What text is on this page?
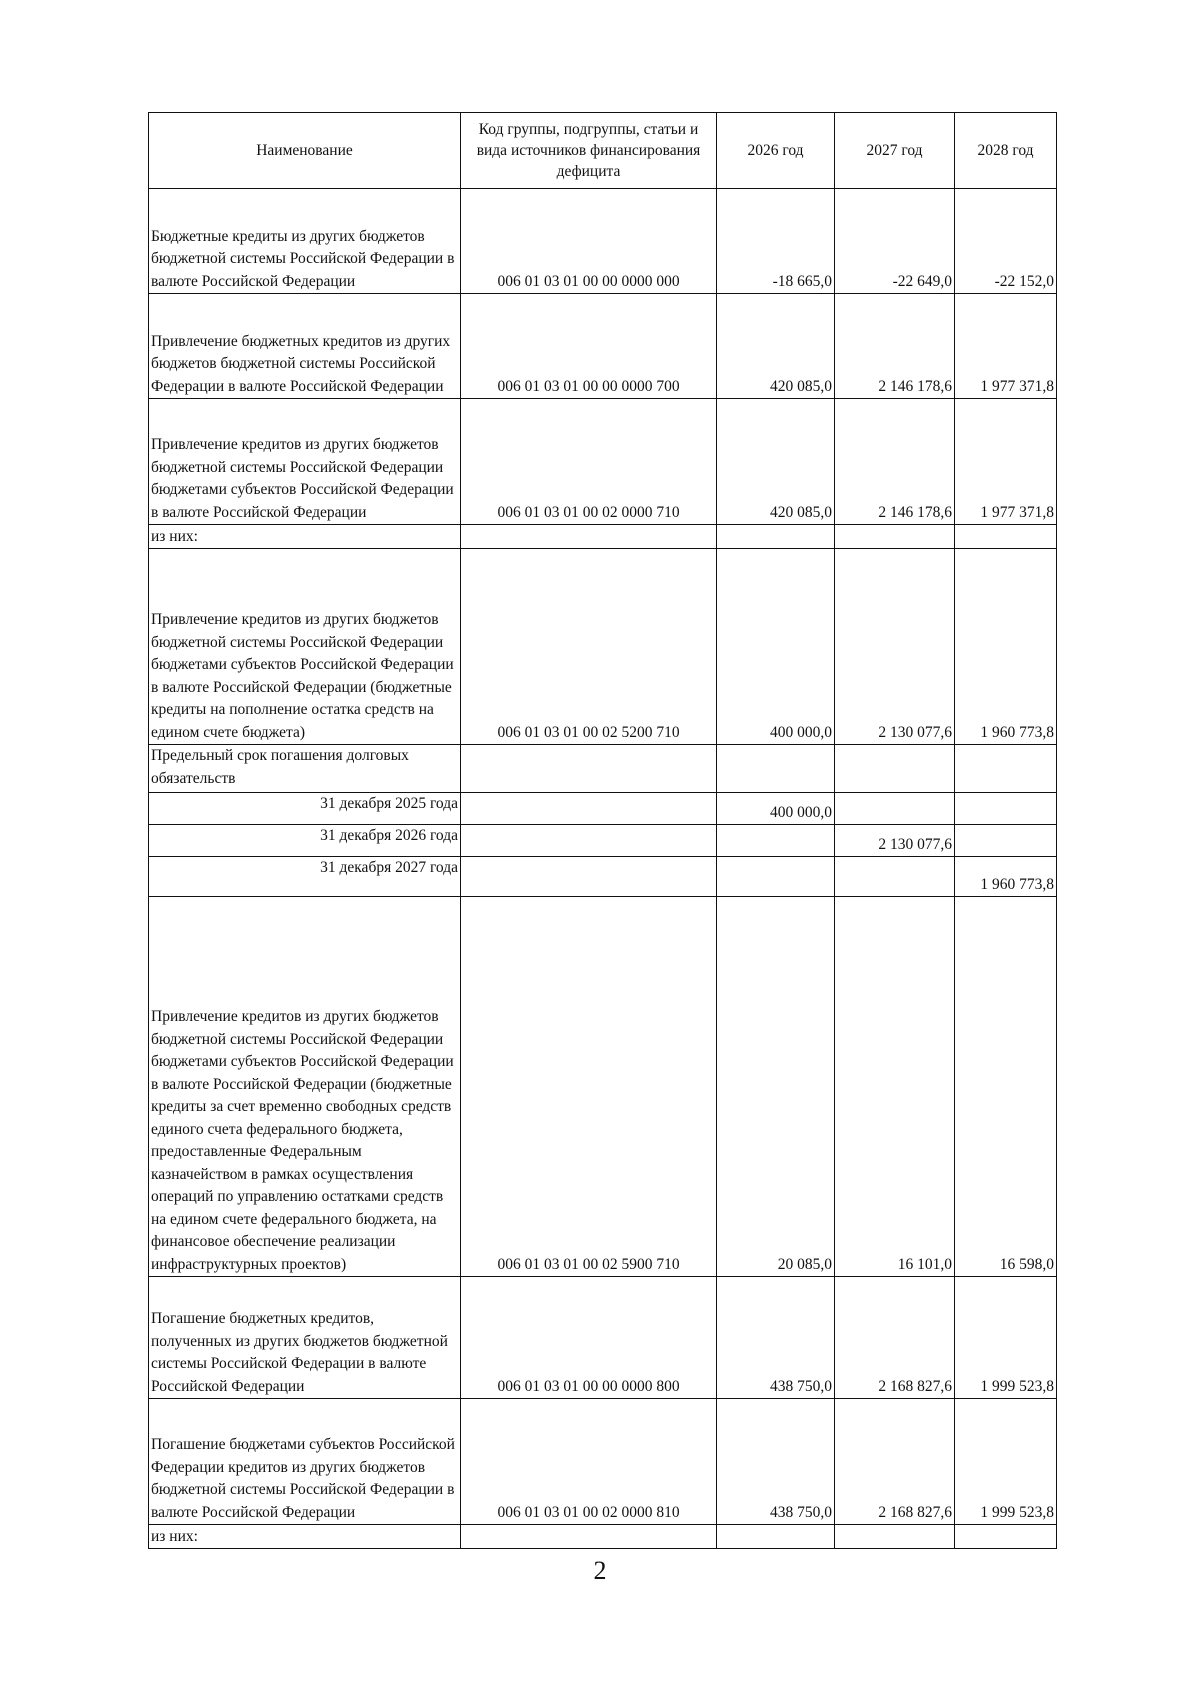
Наименование	Код группы, подгруппы, статьи и вида источников финансирования дефицита	2026 год	2027 год	2028 год
Бюджетные кредиты из других бюджетов бюджетной системы Российской Федерации в валюте Российской Федерации	006 01 03 01 00 00 0000 000	-18 665,0	-22 649,0	-22 152,0
Привлечение бюджетных кредитов из других бюджетов бюджетной системы Российской Федерации в валюте Российской Федерации	006 01 03 01 00 00 0000 700	420 085,0	2 146 178,6	1 977 371,8
Привлечение кредитов из других бюджетов бюджетной системы Российской Федерации бюджетами субъектов Российской Федерации в валюте Российской Федерации	006 01 03 01 00 02 0000 710	420 085,0	2 146 178,6	1 977 371,8
из них:				
Привлечение кредитов из других бюджетов бюджетной системы Российской Федерации бюджетами субъектов Российской Федерации в валюте Российской Федерации (бюджетные кредиты на пополнение остатка средств на едином счете бюджета)	006 01 03 01 00 02 5200 710	400 000,0	2 130 077,6	1 960 773,8
Предельный срок погашения долговых обязательств				
31 декабря 2025 года		400 000,0		
31 декабря 2026 года			2 130 077,6	
31 декабря 2027 года				1 960 773,8
Привлечение кредитов из других бюджетов бюджетной системы Российской Федерации бюджетами субъектов Российской Федерации в валюте Российской Федерации (бюджетные кредиты за счет временно свободных средств единого счета федерального бюджета, предоставленные Федеральным казначейством в рамках осуществления операций по управлению остатками средств на едином счете федерального бюджета, на финансовое обеспечение реализации инфраструктурных проектов)	006 01 03 01 00 02 5900 710	20 085,0	16 101,0	16 598,0
Погашение бюджетных кредитов, полученных из других бюджетов бюджетной системы Российской Федерации в валюте Российской Федерации	006 01 03 01 00 00 0000 800	438 750,0	2 168 827,6	1 999 523,8
Погашение бюджетами субъектов Российской Федерации кредитов из других бюджетов бюджетной системы Российской Федерации в валюте Российской Федерации	006 01 03 01 00 02 0000 810	438 750,0	2 168 827,6	1 999 523,8
из них:				
2
